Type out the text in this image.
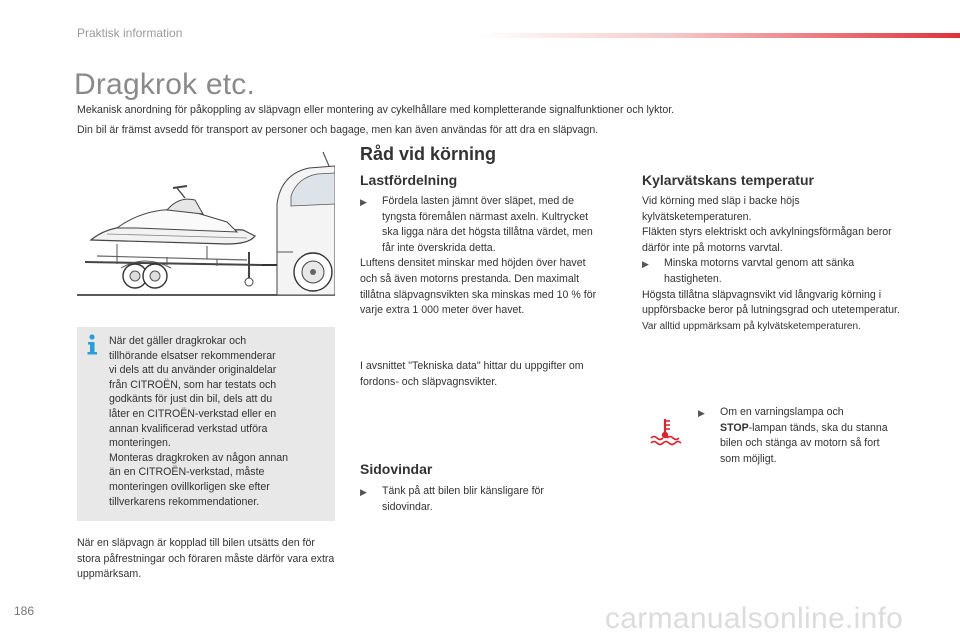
Praktisk information
Dragkrok etc.
Mekanisk anordning för påkoppling av släpvagn eller montering av cykelhållare med kompletterande signalfunktioner och lyktor.
Din bil är främst avsedd för transport av personer och bagage, men kan även användas för att dra en släpvagn.
När det gäller dragkrokar och
tillhörande elsatser rekommenderar
vi dels att du använder originaldelar
från CITROËN, som har testats och
godkänts för just din bil, dels att du
låter en CITROËN-verkstad eller en
annan kvalificerad verkstad utföra
monteringen.
Monteras dragkroken av någon annan
än en CITROËN-verkstad, måste
monteringen ovillkorligen ske efter
tillverkarens rekommendationer.
När en släpvagn är kopplad till bilen utsätts den för stora påfrestningar och föraren måste därför vara extra uppmärksam.
Råd vid körning
Lastfördelning
▶	Fördela lasten jämnt över släpet, med de tyngsta föremålen närmast axeln. Kultrycket ska ligga nära det högsta tillåtna värdet, men får inte överskrida detta.
Luftens densitet minskar med höjden över havet och så även motorns prestanda. Den maximalt tillåtna släpvagnsvikten ska minskas med 10 % för varje extra 1 000 meter över havet.
I avsnittet "Tekniska data" hittar du uppgifter om fordons- och släpvagnsvikter.
Sidovindar
▶	Tänk på att bilen blir känsligare för sidovindar.
Kylarvätskans temperatur
Vid körning med släp i backe höjs kylvätsketemperaturen.
Fläkten styrs elektriskt och avkylningsförmågan beror därför inte på motorns varvtal.
▶	Minska motorns varvtal genom att sänka hastigheten.
Högsta tillåtna släpvagnsvikt vid långvarig körning i uppförsbacke beror på lutningsgrad och utetemperatur.
Var alltid uppmärksam på kylvätsketemperaturen.
▶	Om en varningslampa och
STOP-lampan tänds, ska du stanna bilen och stänga av motorn så fort som möjligt.
186	carmanualsonline.info
